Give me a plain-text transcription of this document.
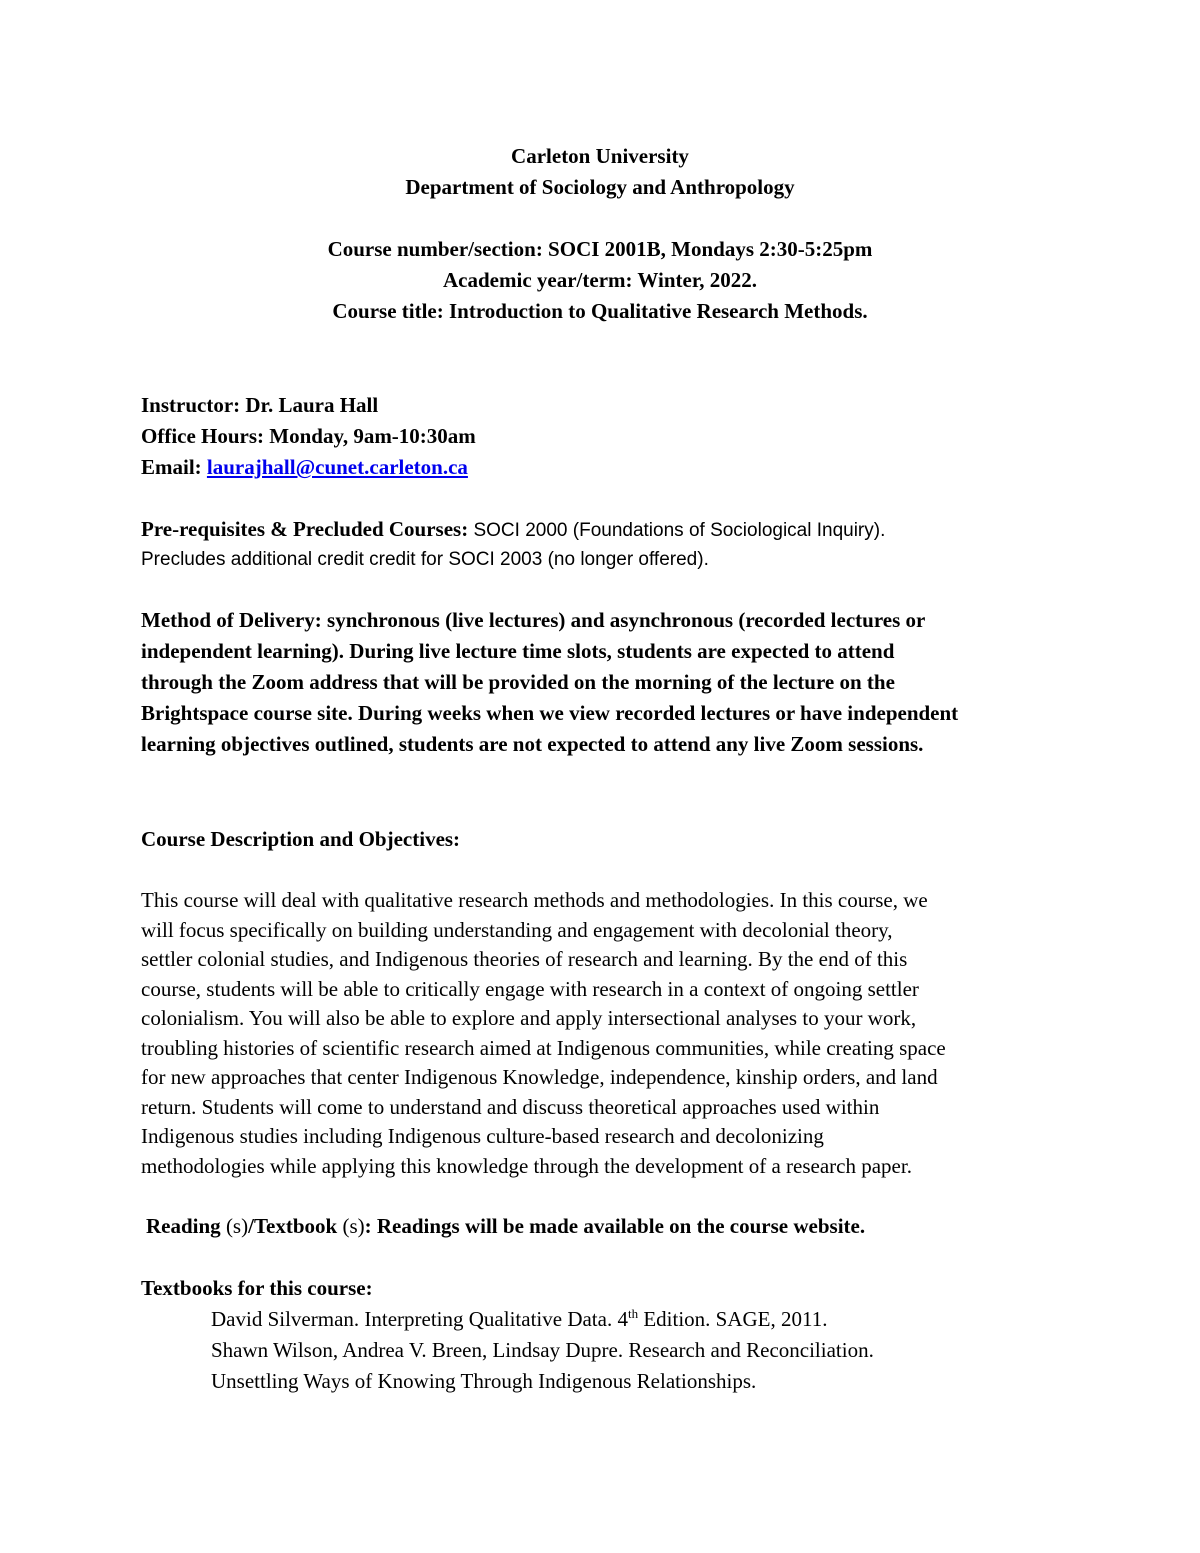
Carleton University
Department of Sociology and Anthropology
Course number/section: SOCI 2001B, Mondays 2:30-5:25pm
Academic year/term: Winter, 2022.
Course title: Introduction to Qualitative Research Methods.
Instructor: Dr. Laura Hall
Office Hours: Monday, 9am-10:30am
Email: laurajhall@cunet.carleton.ca
Pre-requisites & Precluded Courses: SOCI 2000 (Foundations of Sociological Inquiry).
Precludes additional credit credit for SOCI 2003 (no longer offered).
Method of Delivery: synchronous (live lectures) and asynchronous (recorded lectures or
independent learning). During live lecture time slots, students are expected to attend
through the Zoom address that will be provided on the morning of the lecture on the
Brightspace course site. During weeks when we view recorded lectures or have independent
learning objectives outlined, students are not expected to attend any live Zoom sessions.
Course Description and Objectives:
This course will deal with qualitative research methods and methodologies. In this course, we
will focus specifically on building understanding and engagement with decolonial theory,
settler colonial studies, and Indigenous theories of research and learning. By the end of this
course, students will be able to critically engage with research in a context of ongoing settler
colonialism. You will also be able to explore and apply intersectional analyses to your work,
troubling histories of scientific research aimed at Indigenous communities, while creating space
for new approaches that center Indigenous Knowledge, independence, kinship orders, and land
return. Students will come to understand and discuss theoretical approaches used within
Indigenous studies including Indigenous culture-based research and decolonizing
methodologies while applying this knowledge through the development of a research paper.
Reading (s)/Textbook (s): Readings will be made available on the course website.
Textbooks for this course:
David Silverman. Interpreting Qualitative Data. 4th Edition. SAGE, 2011.
Shawn Wilson, Andrea V. Breen, Lindsay Dupre. Research and Reconciliation.
Unsettling Ways of Knowing Through Indigenous Relationships.
